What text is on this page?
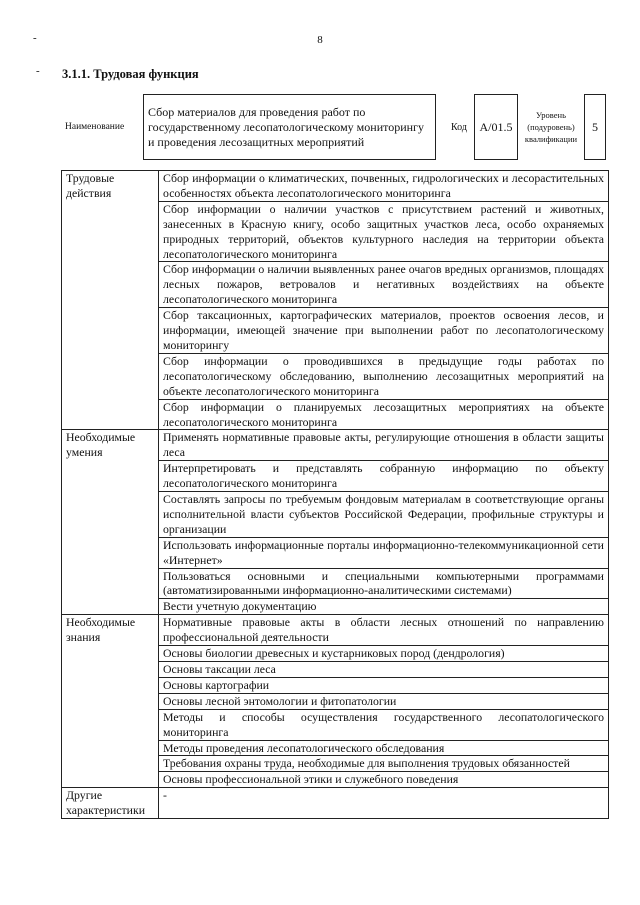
8
-
- 3.1.1. Трудовая функция
Наименование	Сбор материалов для проведения работ по государственному лесопатологическому мониторингу и проведения лесозащитных мероприятий		Код	A/01.5	Уровень (подуровень) квалификации	5
Трудовые действия	Сбор информации о климатических, почвенных, гидрологических и лесорастительных особенностях объекта лесопатологического мониторинга
	Сбор информации о наличии участков с присутствием растений и животных, занесенных в Красную книгу, особо защитных участков леса, особо охраняемых природных территорий, объектов культурного наследия на территории объекта лесопатологического мониторинга
	Сбор информации о наличии выявленных ранее очагов вредных организмов, площадях лесных пожаров, ветровалов и негативных воздействиях на объекте лесопатологического мониторинга
	Сбор таксационных, картографических материалов, проектов освоения лесов, и информации, имеющей значение при выполнении работ по лесопатологическому мониторингу
	Сбор информации о проводившихся в предыдущие годы работах по лесопатологическому обследованию, выполнению лесозащитных мероприятий на объекте лесопатологического мониторинга
	Сбор информации о планируемых лесозащитных мероприятиях на объекте лесопатологического мониторинга
Необходимые умения	Применять нормативные правовые акты, регулирующие отношения в области защиты леса
	Интерпретировать и представлять собранную информацию по объекту лесопатологического мониторинга
	Составлять запросы по требуемым фондовым материалам в соответствующие органы исполнительной власти субъектов Российской Федерации, профильные структуры и организации
	Использовать информационные порталы информационно-телекоммуникационной сети «Интернет»
	Пользоваться основными и специальными компьютерными программами (автоматизированными информационно-аналитическими системами)
	Вести учетную документацию
Необходимые знания	Нормативные правовые акты в области лесных отношений по направлению профессиональной деятельности
	Основы биологии древесных и кустарниковых пород (дендрология)
	Основы таксации леса
	Основы картографии
	Основы лесной энтомологии и фитопатологии
	Методы и способы осуществления государственного лесопатологического мониторинга
	Методы проведения лесопатологического обследования
	Требования охраны труда, необходимые для выполнения трудовых обязанностей
	Основы профессиональной этики и служебного поведения
Другие характеристики	-
